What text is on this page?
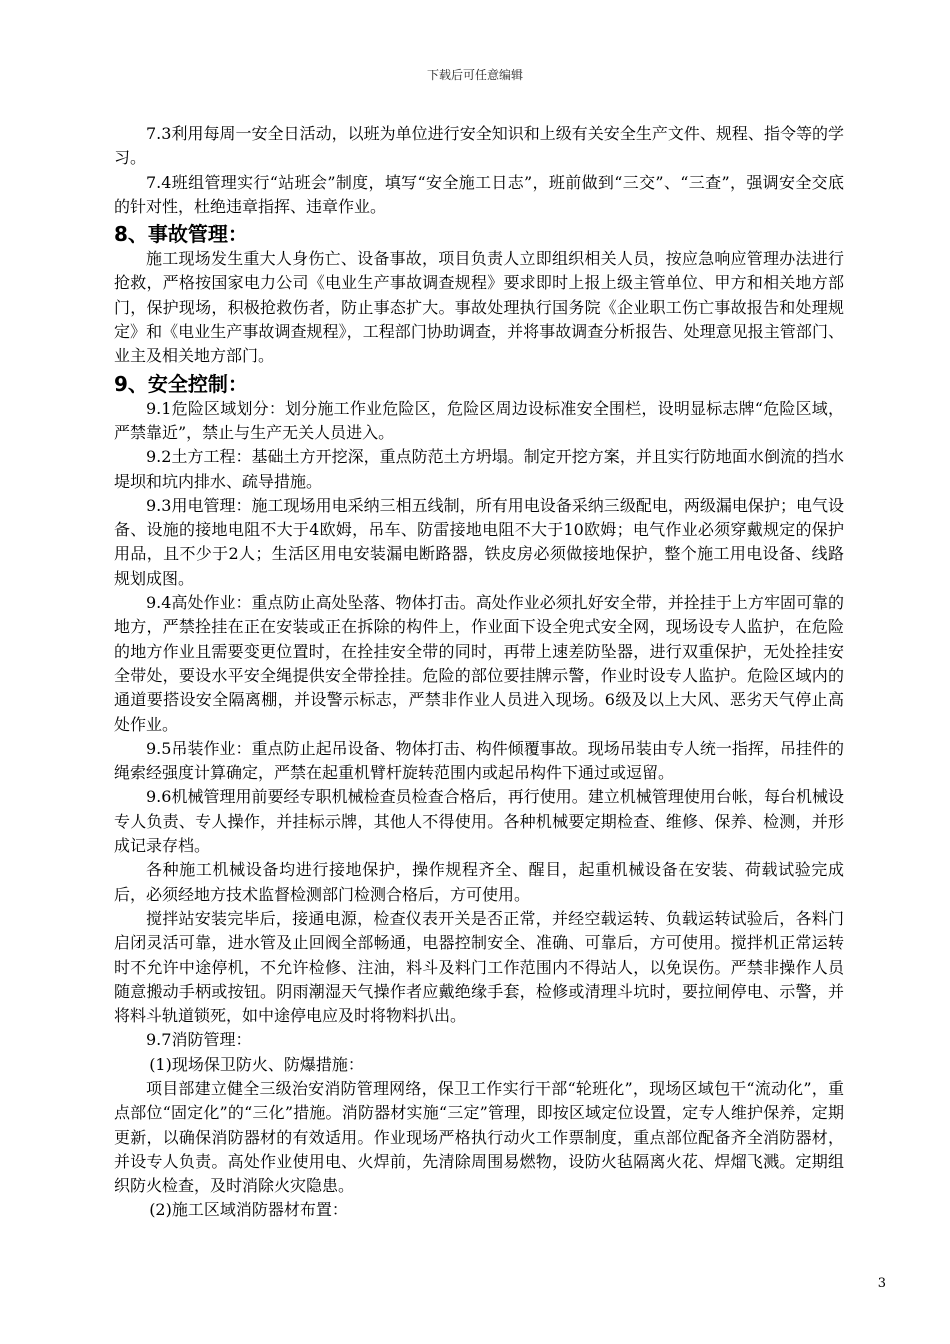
下载后可任意编辑

7.3利用每周一安全日活动，以班为单位进行安全知识和上级有关安全生产文件、规程、指令等的学习。

7.4班组管理实行“站班会”制度，填写“安全施工日志”，班前做到“三交”、“三查”，强调安全交底的针对性，杜绝违章指挥、违章作业。

8、事故管理：

施工现场发生重大人身伤亡、设备事故，项目负责人立即组织相关人员，按应急响应管理办法进行抢救，严格按国家电力公司《电业生产事故调查规程》要求即时上报上级主管单位、甲方和相关地方部门，保护现场，积极抢救伤者，防止事态扩大。事故处理执行国务院《企业职工伤亡事故报告和处理规定》和《电业生产事故调查规程》，工程部门协助调查，并将事故调查分析报告、处理意见报主管部门、业主及相关地方部门。

9、安全控制：

9.1危险区域划分：划分施工作业危险区，危险区周边设标准安全围栏，设明显标志牌“危险区域，严禁靠近”，禁止与生产无关人员进入。

9.2土方工程：基础土方开挖深，重点防范土方坍塌。制定开挖方案，并且实行防地面水倒流的挡水堤坝和坑内排水、疏导措施。

9.3用电管理：施工现场用电采纳三相五线制，所有用电设备采纳三级配电，两级漏电保护；电气设备、设施的接地电阻不大于4欧姆，吊车、防雷接地电阻不大于10欧姆；电气作业必须穿戴规定的保护用品，且不少于2人；生活区用电安装漏电断路器，铁皮房必须做接地保护，整个施工用电设备、线路规划成图。

9.4高处作业：重点防止高处坠落、物体打击。高处作业必须扎好安全带，并拴挂于上方牢固可靠的地方，严禁拴挂在正在安装或正在拆除的构件上，作业面下设全兜式安全网，现场设专人监护，在危险的地方作业且需要变更位置时，在拴挂安全带的同时，再带上速差防坠器，进行双重保护，无处拴挂安全带处，要设水平安全绳提供安全带拴挂。危险的部位要挂牌示警，作业时设专人监护。危险区域内的通道要搭设安全隔离棚，并设警示标志，严禁非作业人员进入现场。6级及以上大风、恶劣天气停止高处作业。

9.5吊装作业：重点防止起吊设备、物体打击、构件倾覆事故。现场吊装由专人统一指挥，吊挂件的绳索经强度计算确定，严禁在起重机臂杆旋转范围内或起吊构件下通过或逗留。

9.6机械管理用前要经专职机械检查员检查合格后，再行使用。建立机械管理使用台帐，每台机械设专人负责、专人操作，并挂标示牌，其他人不得使用。各种机械要定期检查、维修、保养、检测，并形成记录存档。

各种施工机械设备均进行接地保护，操作规程齐全、醒目，起重机械设备在安装、荷载试验完成后，必须经地方技术监督检测部门检测合格后，方可使用。

搅拌站安装完毕后，接通电源，检查仪表开关是否正常，并经空载运转、负载运转试验后，各料门启闭灵活可靠，进水管及止回阀全部畅通，电器控制安全、准确、可靠后，方可使用。搅拌机正常运转时不允许中途停机，不允许检修、注油，料斗及料门工作范围内不得站人，以免误伤。严禁非操作人员随意搬动手柄或按钮。阴雨潮湿天气操作者应戴绝缘手套，检修或清理斗坑时，要拉闸停电、示警，并将料斗轨道锁死，如中途停电应及时将物料扒出。

9.7消防管理：

(1)现场保卫防火、防爆措施：

项目部建立健全三级治安消防管理网络，保卫工作实行干部“轮班化”，现场区域包干“流动化”，重点部位“固定化”的“三化”措施。消防器材实施“三定”管理，即按区域定位设置，定专人维护保养，定期更新，以确保消防器材的有效适用。作业现场严格执行动火工作票制度，重点部位配备齐全消防器材，并设专人负责。高处作业使用电、火焊前，先清除周围易燃物，设防火毡隔离火花、焊熘飞溅。定期组织防火检查，及时消除火灾隐患。

(2)施工区域消防器材布置：

3
